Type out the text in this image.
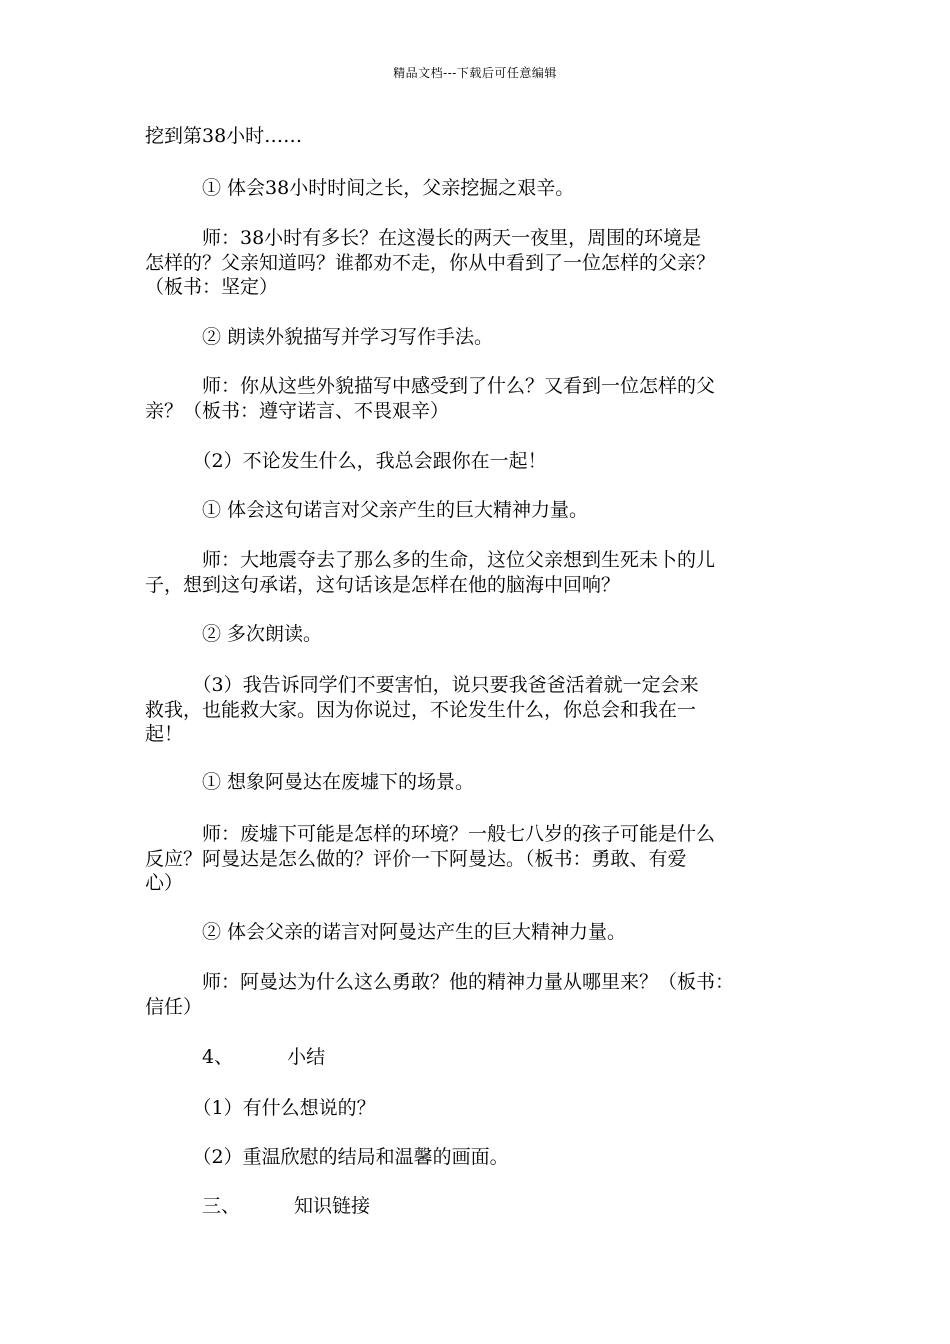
精品文档---下载后可任意编辑
挖到第38小时……
　　　① 体会38小时时间之长，父亲挖掘之艰辛。
　　　师：38小时有多长？在这漫长的两天一夜里，周围的环境是
怎样的？父亲知道吗？谁都劝不走，你从中看到了一位怎样的父亲？
（板书：坚定）
　　　② 朗读外貌描写并学习写作手法。
　　　师：你从这些外貌描写中感受到了什么？又看到一位怎样的父
亲？（板书：遵守诺言、不畏艰辛）
　　　（2）不论发生什么，我总会跟你在一起！
　　　① 体会这句诺言对父亲产生的巨大精神力量。
　　　师：大地震夺去了那么多的生命，这位父亲想到生死未卜的儿
子，想到这句承诺，这句话该是怎样在他的脑海中回响？
　　　② 多次朗读。
　　　（3）我告诉同学们不要害怕，说只要我爸爸活着就一定会来
救我，也能救大家。因为你说过，不论发生什么，你总会和我在一
起！
　　　① 想象阿曼达在废墟下的场景。
　　　师：废墟下可能是怎样的环境？一般七八岁的孩子可能是什么
反应？阿曼达是怎么做的？评价一下阿曼达。（板书：勇敢、有爱
心）
　　　② 体会父亲的诺言对阿曼达产生的巨大精神力量。
　　　师：阿曼达为什么这么勇敢？他的精神力量从哪里来？（板书：
信任）
　　　4、	小结
　　　（1）有什么想说的？
　　　（2）重温欣慰的结局和温馨的画面。
　　　三、	知识链接
